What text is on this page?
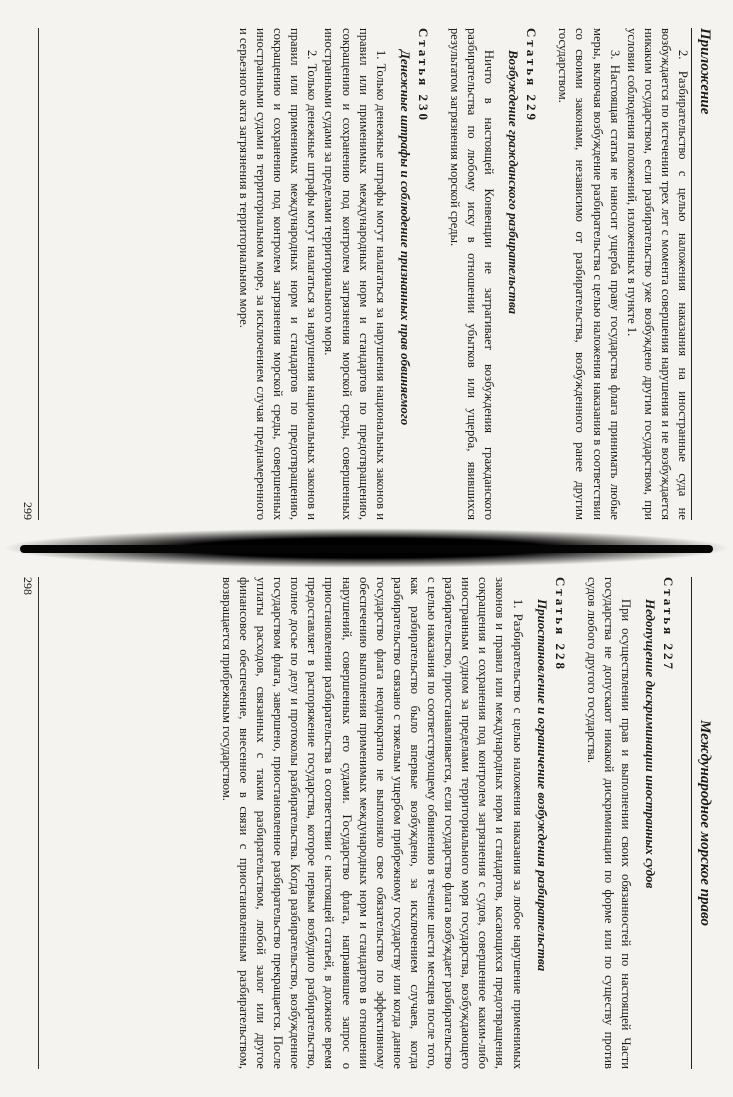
Приложение

2. Разбирательство с целью наложения наказания на иностранные суда не возбуждается по истечении трех лет с момента совершения нарушения и не возбуждается никаким государством, если разбирательство уже возбуждено другим государством, при условии соблюдения положений, изложенных в пункте 1.

3. Настоящая статья не наносит ущерба праву государства флага принимать любые меры, включая возбуждение разбирательства с целью наложения наказания в соответствии со своими законами, независимо от разбирательства, возбужденного ранее другим государством.

Статья 229
Возбуждение гражданского разбирательства

Ничто в настоящей Конвенции не затрагивает возбуждения гражданского разбирательства по любому иску в отношении убытков или ущерба, явившихся результатом загрязнения морской среды.

Статья 230
Денежные штрафы и соблюдение признанных прав обвиняемого

1. Только денежные штрафы могут налагаться за нарушения национальных законов и правил или применимых международных норм и стандартов по предотвращению, сокращению и сохранению под контролем загрязнения морской среды, совершенных иностранными судами за пределами территориального моря.

2. Только денежные штрафы могут налагаться за нарушения национальных законов и правил или применимых международных норм и стандартов по предотвращению, сокращению и сохранению под контролем загрязнения морской среды, совершенных иностранными судами в территориальном море, за исключением случая преднамеренного и серьезного акта загрязнения в территориальном море.

299
Международное морское право
Статья 227
Недопущение дискриминации иностранных судов

При осуществлении прав и выполнении своих обязанностей по настоящей Части государства не допускают никакой дискриминации по форме или по существу против судов любого другого государства.

Статья 228
Приостановление и ограничение возбуждения разбирательства

1. Разбирательство с целью наложения наказания за любое нарушение применимых законов и правил или международных норм и стандартов, касающихся предотвращения, сокращения и сохранения под контролем загрязнения с судов, совершенное каким-либо иностранным судном за пределами территориального моря государства, возбуждающего разбирательство, приостанавливается, если государство флага возбуждает разбирательство с целью наказания по соответствующему обвинению в течение шести месяцев после того, как разбирательство было впервые возбуждено, за исключением случаев, когда разбирательство связано с тяжелым ущербом прибрежному государству или когда данное государство флага неоднократно не выполняло свое обязательство по эффективному обеспечению выполнения применимых международных норм и стандартов в отношении нарушений, совершенных его судами. Государство флага, направившее запрос о приостановлении разбирательства в соответствии с настоящей статьей, в должное время предоставляет в распоряжение государства, которое первым возбудило разбирательство, полное досье по делу и протоколы разбирательства. Когда разбирательство, возбужденное государством флага, завершено, приостановленное разбирательство прекращается. После уплаты расходов, связанных с таким разбирательством, любой залог или другое финансовое обеспечение, внесенное в связи с приостановленным разбирательством, возвращается прибрежным государством.

298
